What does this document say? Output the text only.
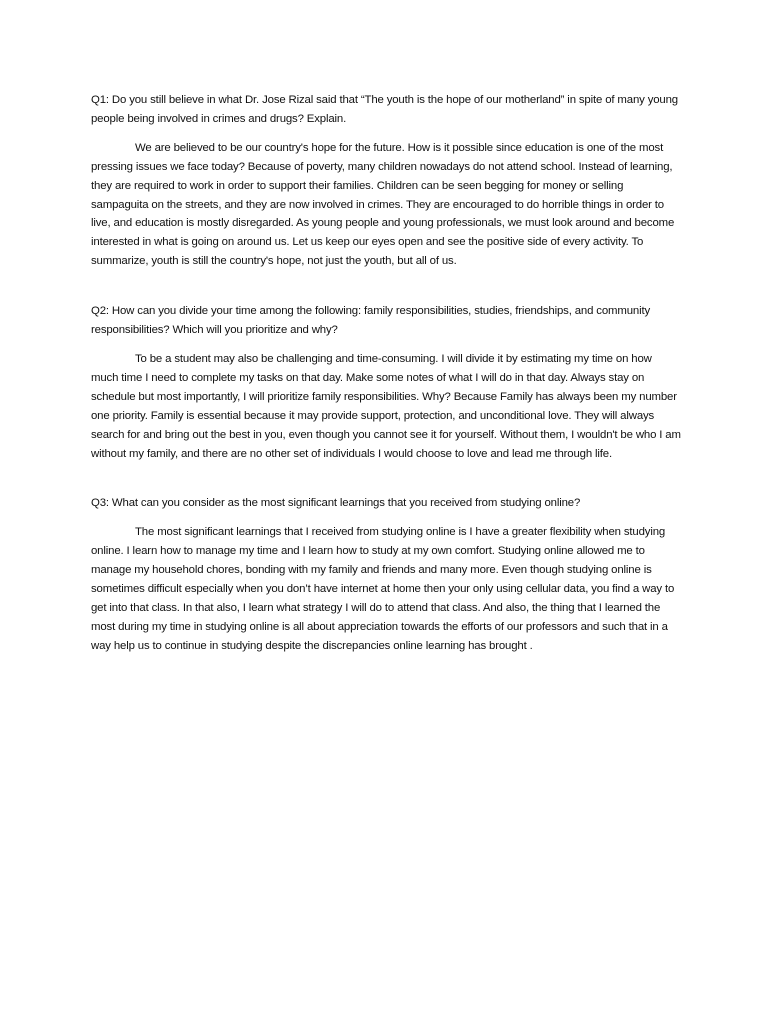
Q1: Do you still believe in what Dr. Jose Rizal said that “The youth is the hope of our motherland” in spite of many young people being involved in crimes and drugs? Explain.

We are believed to be our country's hope for the future. How is it possible since education is one of the most pressing issues we face today? Because of poverty, many children nowadays do not attend school. Instead of learning, they are required to work in order to support their families. Children can be seen begging for money or selling sampaguita on the streets, and they are now involved in crimes. They are encouraged to do horrible things in order to live, and education is mostly disregarded. As young people and young professionals, we must look around and become interested in what is going on around us. Let us keep our eyes open and see the positive side of every activity. To summarize, youth is still the country's hope, not just the youth, but all of us.

Q2: How can you divide your time among the following: family responsibilities, studies, friendships, and community responsibilities? Which will you prioritize and why?

To be a student may also be challenging and time-consuming. I will divide it by estimating my time on how much time I need to complete my tasks on that day. Make some notes of what I will do in that day. Always stay on schedule but most importantly, I will prioritize family responsibilities. Why? Because Family has always been my number one priority. Family is essential because it may provide support, protection, and unconditional love. They will always search for and bring out the best in you, even though you cannot see it for yourself. Without them, I wouldn't be who I am without my family, and there are no other set of individuals I would choose to love and lead me through life.

Q3: What can you consider as the most significant learnings that you received from studying online?

The most significant learnings that I received from studying online is I have a greater flexibility when studying online. I learn how to manage my time and I learn how to study at my own comfort. Studying online allowed me to manage my household chores, bonding with my family and friends and many more. Even though studying online is sometimes difficult especially when you don’t have internet at home then your only using cellular data, you find a way to get into that class. In that also, I learn what strategy I will do to attend that class. And also, the thing that I learned the most during my time in studying online is all about appreciation towards the efforts of our professors and such that in a way help us to continue in studying despite the discrepancies online learning has brought .
